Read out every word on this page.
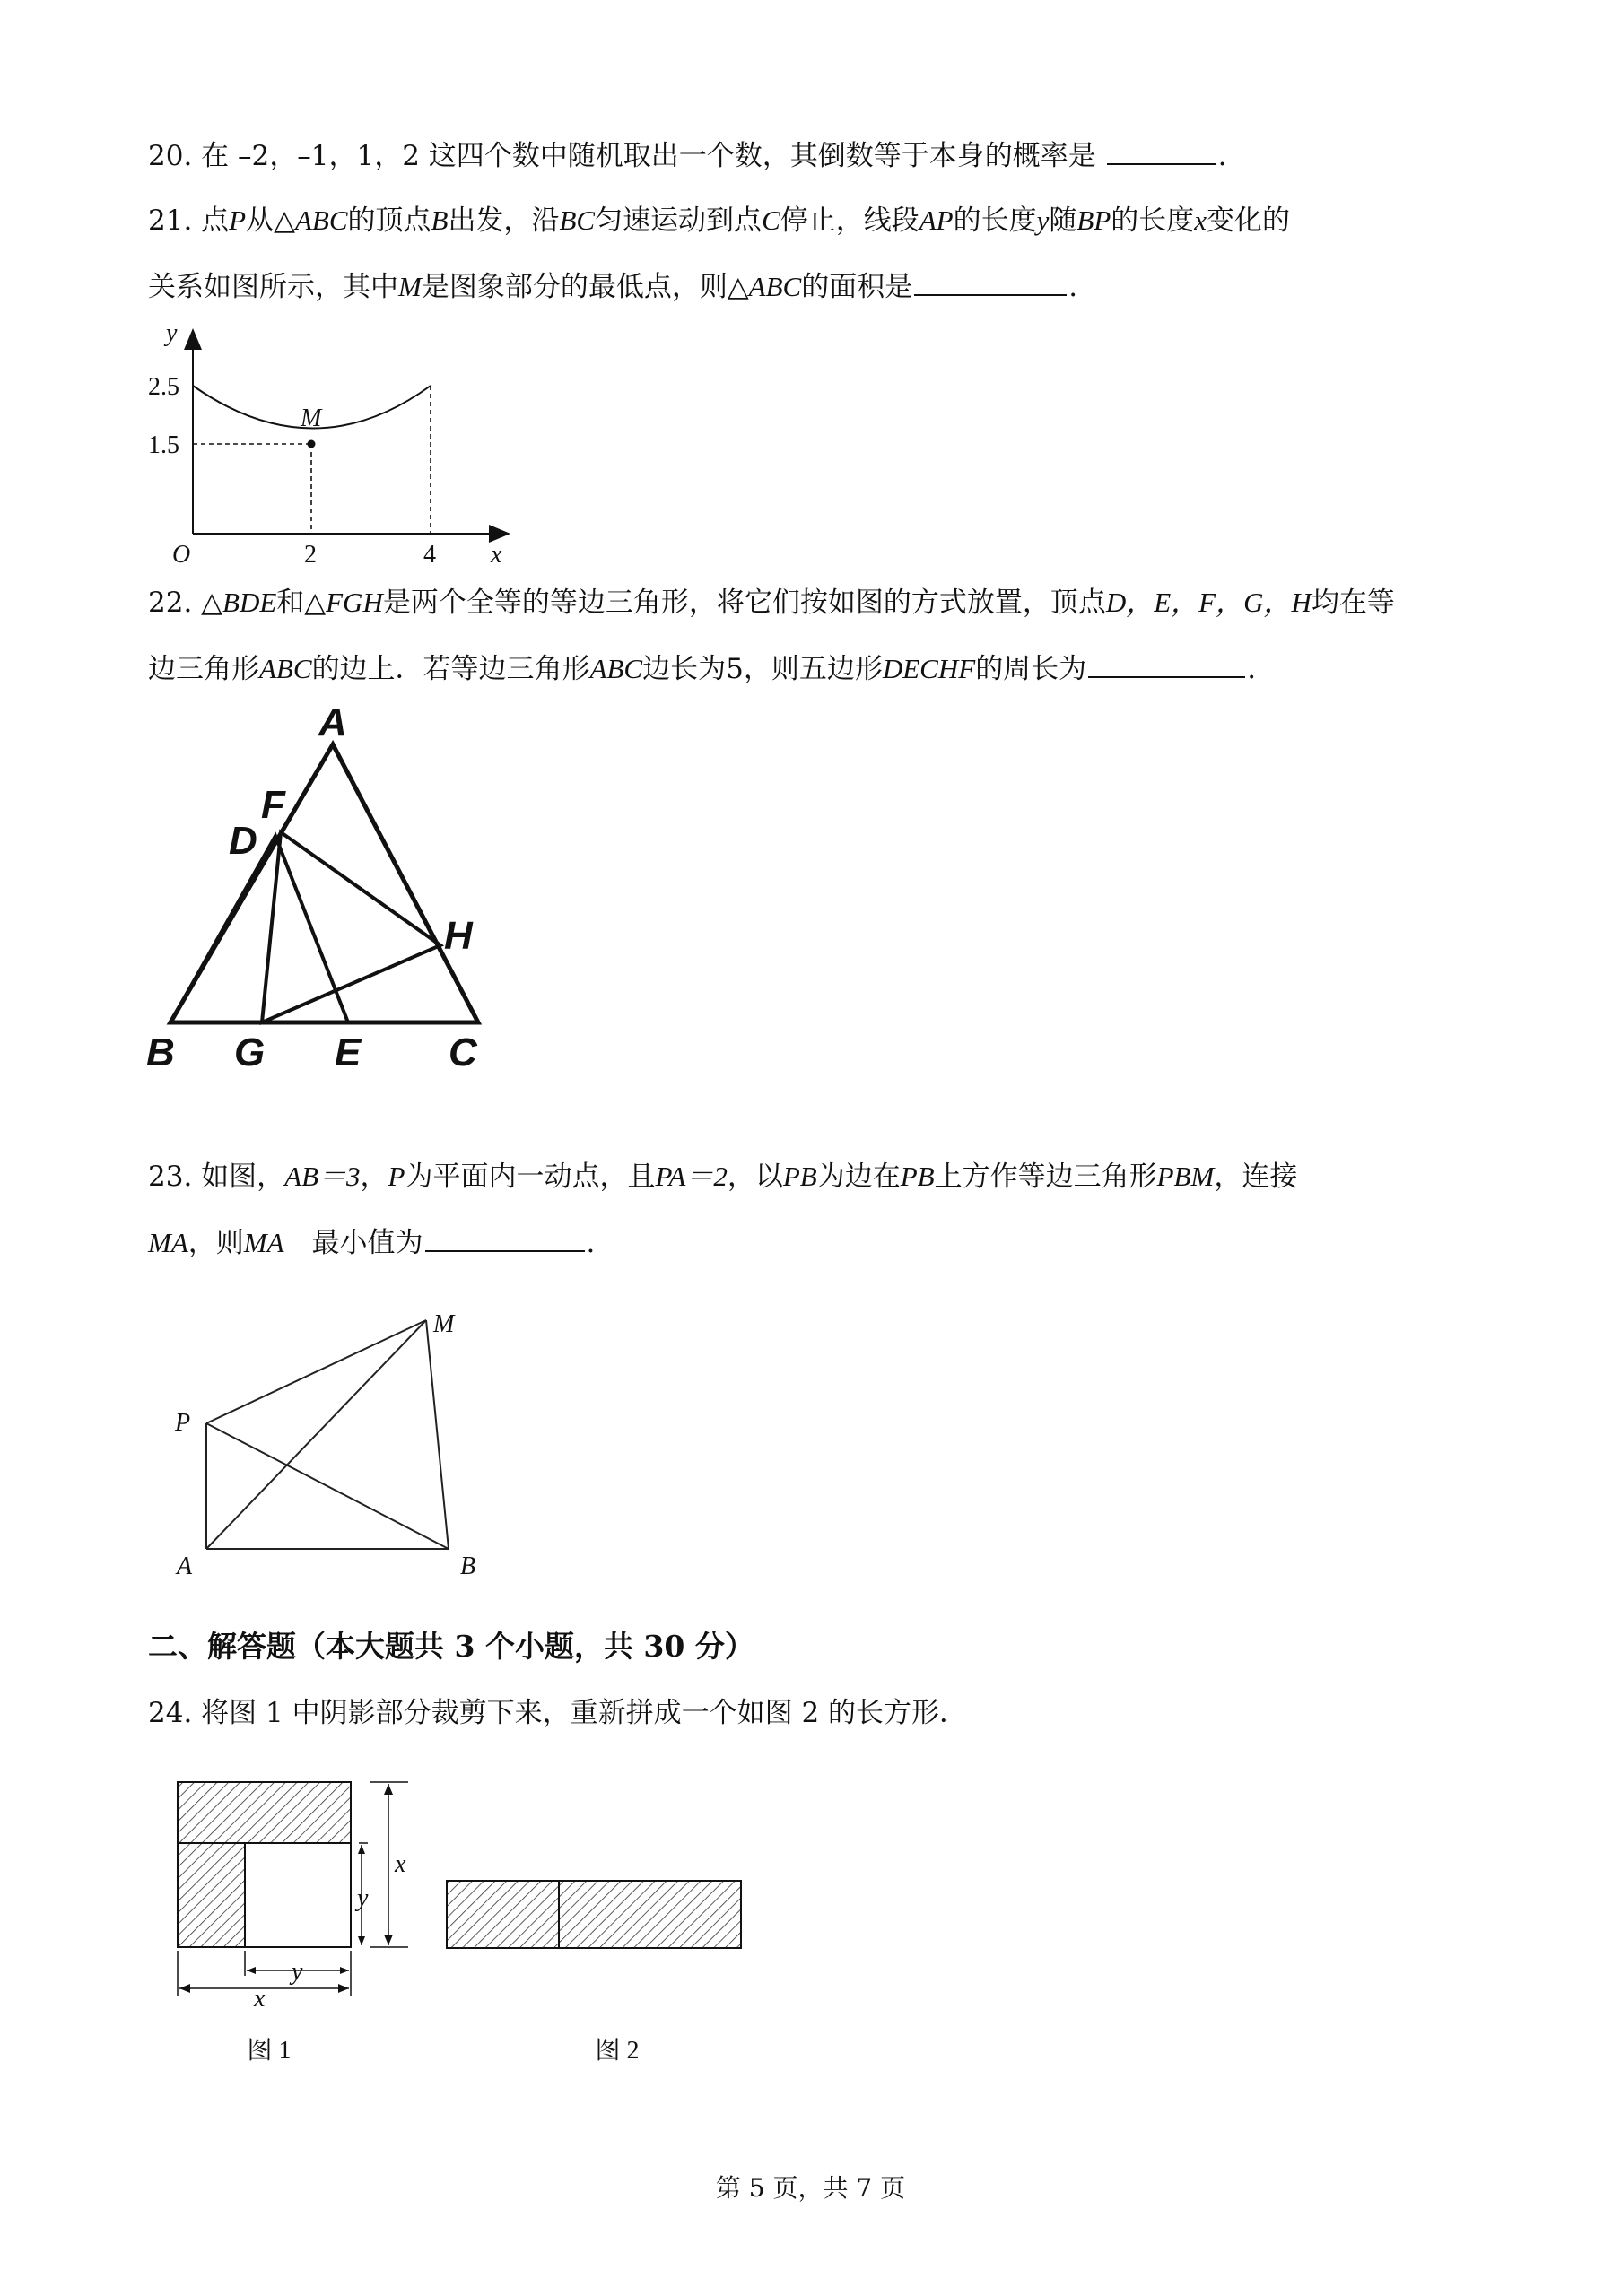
20. 在 –2，–1，1，2 这四个数中随机取出一个数，其倒数等于本身的概率是	.
21. 点P从△ABC的顶点B出发，沿BC匀速运动到点C停止，线段AP的长度y随BP的长度x变化的
关系如图所示，其中M是图象部分的最低点，则△ABC的面积是	.
M
y
x
O
2.5
1.5
2	4
22. △BDE和△FGH是两个全等的等边三角形，将它们按如图的方式放置，顶点D，E，F，G，H均在等
边三角形ABC的边上．若等边三角形ABC边长为5，则五边形DECHF的周长为	.
A
F
D
H
B G E C
23. 如图，AB＝3，P为平面内一动点，且PA＝2，以PB为边在PB上方作等边三角形PBM，连接
MA，则MA　最小值为	.
M
P
A	B
二、解答题（本大题共 3 个小题，共 30 分）
24. 将图 1 中阴影部分裁剪下来，重新拼成一个如图 2 的长方形．
x
y
y
x
图 1	图 2
第 5 页，共 7 页
